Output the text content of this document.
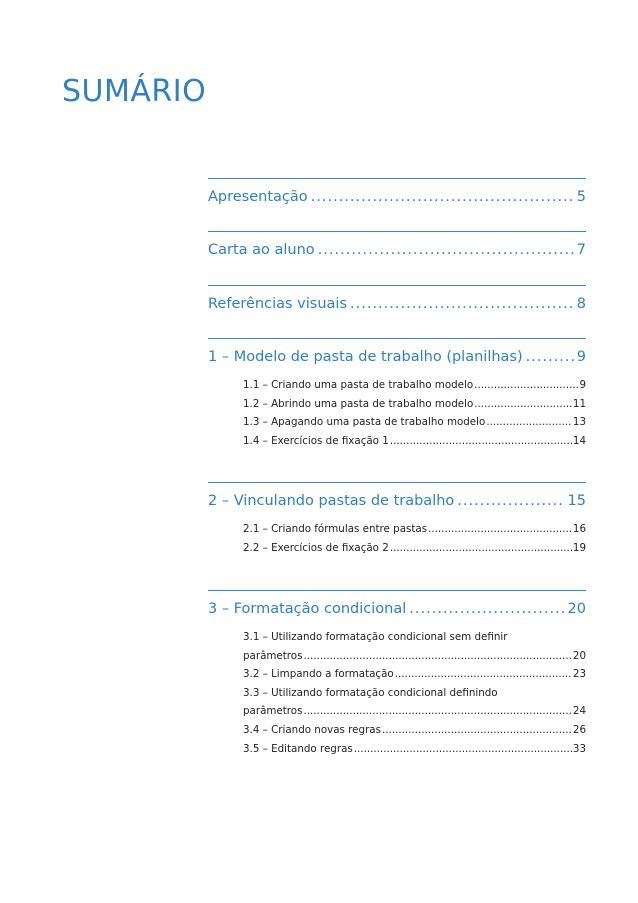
SUMÁRIO
Apresentação .....	5
Carta ao aluno .....	7
Referências visuais .....	8
1 – Modelo de pasta de trabalho (planilhas) .....	9
1.1 – Criando uma pasta de trabalho modelo .....	9
1.2 – Abrindo uma pasta de trabalho modelo .....	11
1.3 – Apagando uma pasta de trabalho modelo .....	13
1.4 – Exercícios de fixação 1 .....	14
2 – Vinculando pastas de trabalho .....	15
2.1 – Criando fórmulas entre pastas .....	16
2.2 – Exercícios de fixação 2 .....	19
3 – Formatação condicional .....	20
3.1 – Utilizando formatação condicional sem definir
parâmetros .....	20
3.2 – Limpando a formatação .....	23
3.3 – Utilizando formatação condicional definindo
parâmetros .....	24
3.4 – Criando novas regras .....	26
3.5 – Editando regras .....	33
